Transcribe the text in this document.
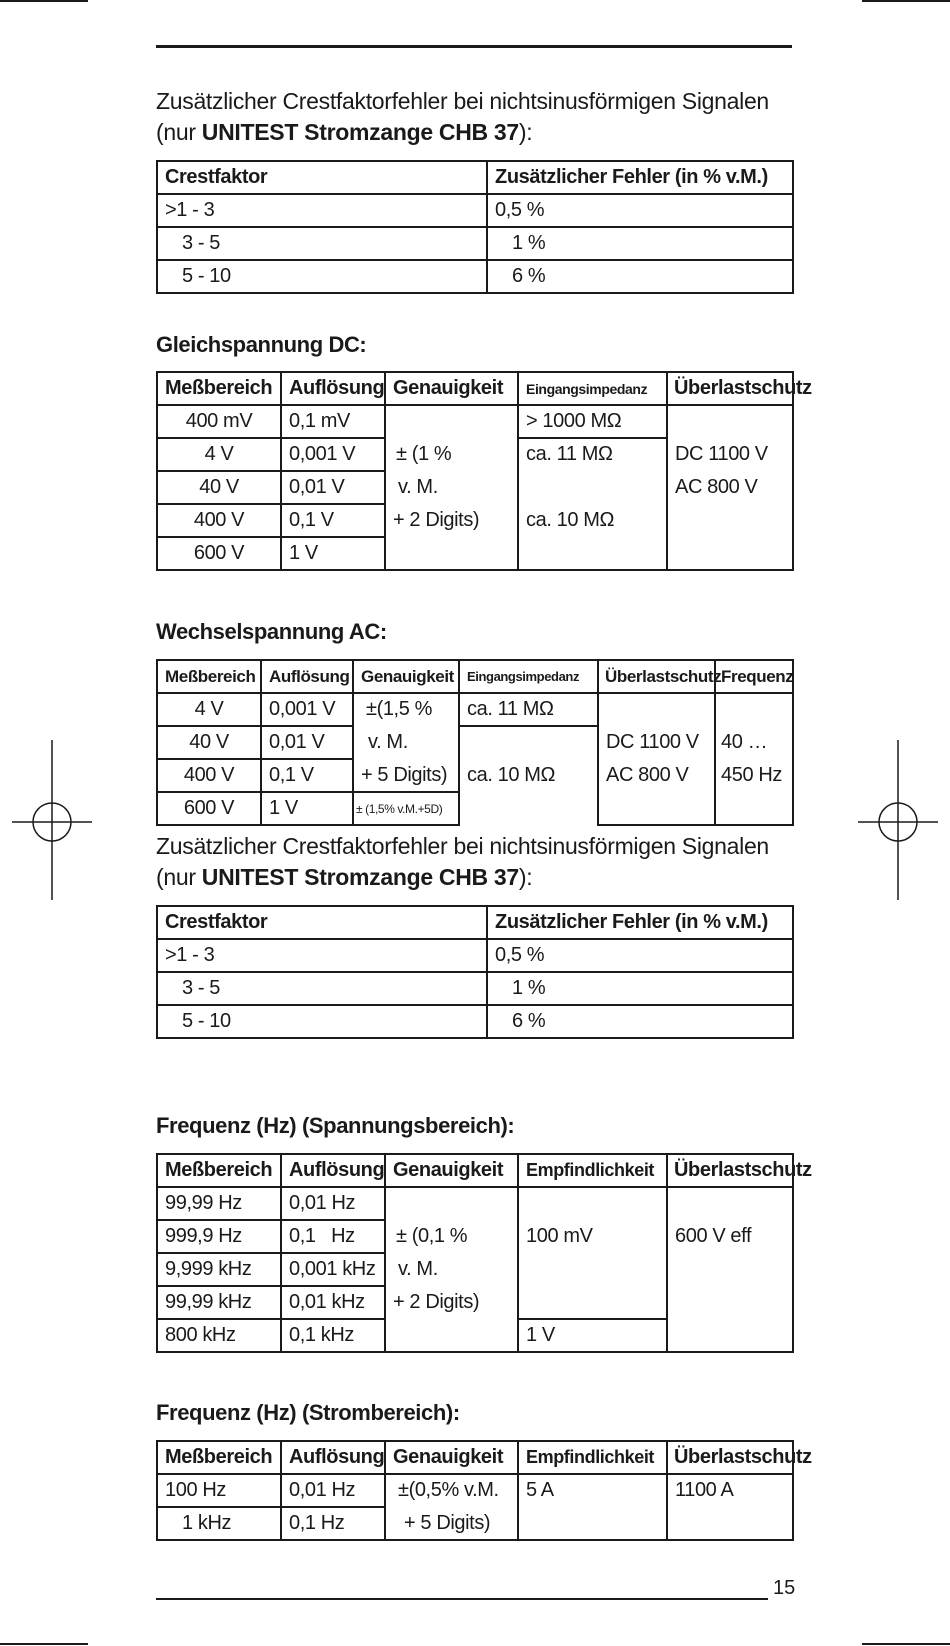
Zusätzlicher Crestfaktorfehler bei nichtsinusförmigen Signalen
(nur UNITEST Stromzange CHB 37):
Crestfaktor	Zusätzlicher Fehler (in % v.M.)
>1 - 3	0,5 %
3 - 5	1 %
5 - 10	6 %
Gleichspannung DC:
Meßbereich	Auflösung	Genauigkeit	Eingangsimpedanz	Überlastschutz
400 mV	0,1 mV		> 1000 MΩ	
4 V	0,001 V	± (1 %	ca. 11 MΩ	DC 1100 V
40 V	0,01 V	v. M.		AC 800 V
400 V	0,1 V	+ 2 Digits)	ca. 10 MΩ	
600 V	1 V			
Wechselspannung AC:
Meßbereich	Auflösung	Genauigkeit	Eingangsimpedanz	Überlastschutz	Frequenz
4 V	0,001 V	±(1,5 %	ca. 11 MΩ		
40 V	0,01 V	v. M.		DC 1100 V	40 …
400 V	0,1 V	+ 5 Digits)	ca. 10 MΩ	AC 800 V	450 Hz
600 V	1 V	± (1,5% v.M.+5D)			
Zusätzlicher Crestfaktorfehler bei nichtsinusförmigen Signalen
(nur UNITEST Stromzange CHB 37):
Crestfaktor	Zusätzlicher Fehler (in % v.M.)
>1 - 3	0,5 %
3 - 5	1 %
5 - 10	6 %
Frequenz (Hz) (Spannungsbereich):
Meßbereich	Auflösung	Genauigkeit	Empfindlichkeit	Überlastschutz
99,99 Hz	0,01 Hz			
999,9 Hz	0,1   Hz	± (0,1 %	100 mV	600 V eff
9,999 kHz	0,001 kHz	v. M.		
99,99 kHz	0,01 kHz	+ 2 Digits)		
800 kHz	0,1 kHz		1 V	
Frequenz (Hz) (Strombereich):
Meßbereich	Auflösung	Genauigkeit	Empfindlichkeit	Überlastschutz
100 Hz	0,01 Hz	±(0,5% v.M.	5 A	1100 A
1 kHz	0,1 Hz	+ 5 Digits)		
15
